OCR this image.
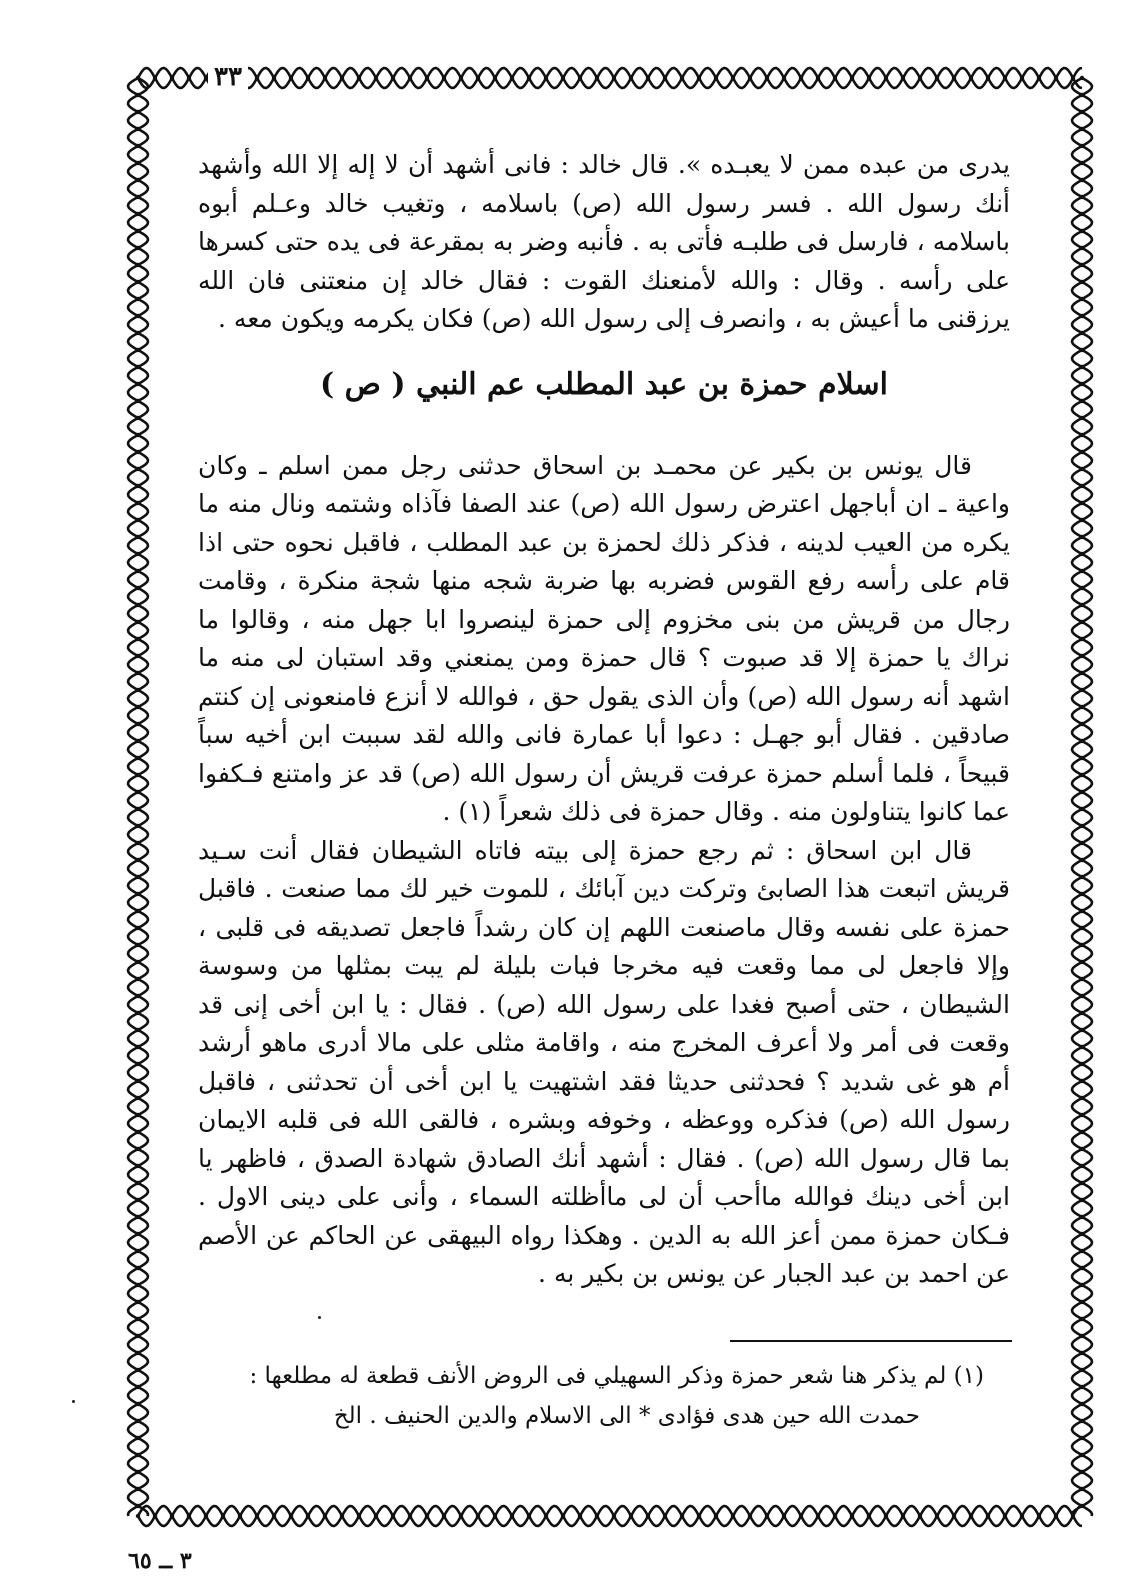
٣٣

يدرى من عبده ممن لا يعبـده ». قال خالد : فانى أشهد أن لا إله إلا الله وأشهد أنك رسول الله . فسر رسول الله (ص) باسلامه ، وتغيب خالد وعـلم أبوه باسلامه ، فارسل فى طلبـه فأتى به . فأنبه وضر به بمقرعة فى يده حتى كسرها على رأسه . وقال : والله لأمنعنك القوت : فقال خالد إن منعتنى فان الله يرزقنى ما أعيش به ، وانصرف إلى رسول الله (ص) فكان يكرمه ويكون معه .

اسلام حمزة بن عبد المطلب عم النبي ( ص )

قال يونس بن بكير عن محمـد بن اسحاق حدثنى رجل ممن اسلم ـ وكان واعية ـ ان أباجهل اعترض رسول الله (ص) عند الصفا فآذاه وشتمه ونال منه ما يكره من العيب لدينه ، فذكر ذلك لحمزة بن عبد المطلب ، فاقبل نحوه حتى اذا قام على رأسه رفع القوس فضربه بها ضربة شجه منها شجة منكرة ، وقامت رجال من قريش من بنى مخزوم إلى حمزة لينصروا ابا جهل منه ، وقالوا ما نراك يا حمزة إلا قد صبوت ؟ قال حمزة ومن يمنعني وقد استبان لى منه ما اشهد أنه رسول الله (ص) وأن الذى يقول حق ، فوالله لا أنزع فامنعونى إن كنتم صادقين . فقال أبو جهـل : دعوا أبا عمارة فانى والله لقد سببت ابن أخيه سباً قبيحاً ، فلما أسلم حمزة عرفت قريش أن رسول الله (ص) قد عز وامتنع فـكفوا عما كانوا يتناولون منه . وقال حمزة فى ذلك شعراً (١) .

قال ابن اسحاق : ثم رجع حمزة إلى بيته فاتاه الشيطان فقال أنت سـيد قريش اتبعت هذا الصابئ وتركت دين آبائك ، للموت خير لك مما صنعت . فاقبل حمزة على نفسه وقال ماصنعت اللهم إن كان رشداً فاجعل تصديقه فى قلبى ، وإلا فاجعل لى مما وقعت فيه مخرجا فبات بليلة لم يبت بمثلها من وسوسة الشيطان ، حتى أصبح فغدا على رسول الله (ص) . فقال : يا ابن أخى إنى قد وقعت فى أمر ولا أعرف المخرج منه ، واقامة مثلى على مالا أدرى ماهو أرشد أم هو غى شديد ؟ فحدثنى حديثا فقد اشتهيت يا ابن أخى أن تحدثنى ، فاقبل رسول الله (ص) فذكره ووعظه ، وخوفه وبشره ، فالقى الله فى قلبه الايمان بما قال رسول الله (ص) . فقال : أشهد أنك الصادق شهادة الصدق ، فاظهر يا ابن أخى دينك فوالله ماأحب أن لى ماأظلته السماء ، وأنى على دينى الاول . فـكان حمزة ممن أعز الله به الدين . وهكذا رواه البيهقى عن الحاكم عن الأصم عن احمد بن عبد الجبار عن يونس بن بكير به .

(١) لم يذكر هنا شعر حمزة وذكر السهيلي فى الروض الأنف قطعة له مطلعها :

حمدت الله حين هدى فؤادى * الى الاسلام والدين الحنيف . الخ

٣ ــ ٦٥
